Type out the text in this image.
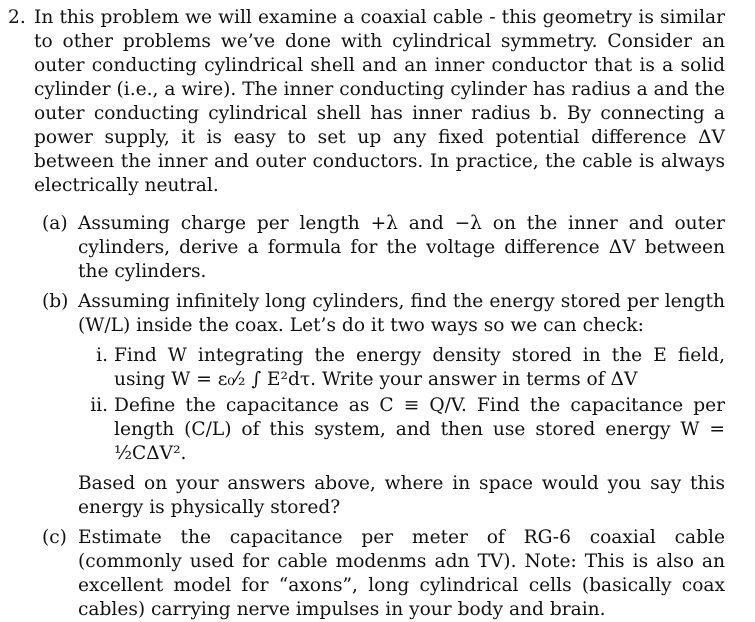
2. In this problem we will examine a coaxial cable - this geometry is similar to other problems we’ve done with cylindrical symmetry. Consider an outer conducting cylindrical shell and an inner conductor that is a solid cylinder (i.e., a wire). The inner conducting cylinder has radius a and the outer conducting cylindrical shell has inner radius b. By connecting a power supply, it is easy to set up any fixed potential difference ΔV between the inner and outer conductors. In practice, the cable is always electrically neutral.

(a) Assuming charge per length +λ and −λ on the inner and outer cylinders, derive a formula for the voltage difference ΔV between the cylinders.
(b) Assuming infinitely long cylinders, find the energy stored per length (W/L) inside the coax. Let’s do it two ways so we can check:
i. Find W integrating the energy density stored in the E field, using W = ε₀⁄₂ ∫ E²dτ. Write your answer in terms of ΔV
ii. Define the capacitance as C ≡ Q/V. Find the capacitance per length (C/L) of this system, and then use stored energy W = ½CΔV².
Based on your answers above, where in space would you say this energy is physically stored?
(c) Estimate the capacitance per meter of RG-6 coaxial cable (commonly used for cable modenms adn TV). Note: This is also an excellent model for “axons”, long cylindrical cells (basically coax cables) carrying nerve impulses in your body and brain.
